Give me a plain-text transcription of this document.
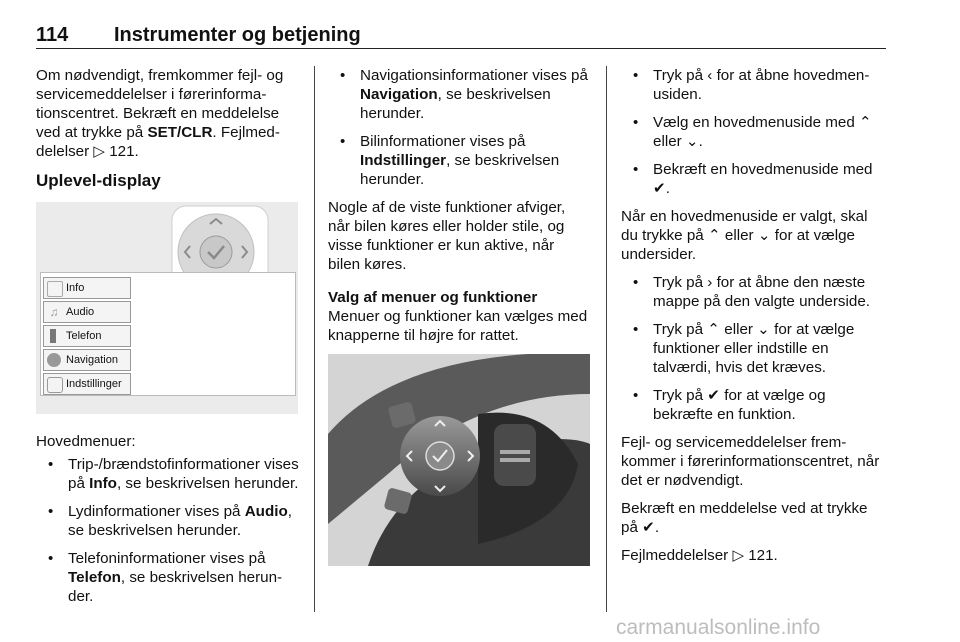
114 Instrumenter og betjening

Om nødvendigt, fremkommer fejl- og servicemeddelelser i førerinforma-tionscentret. Bekræft en meddelelse ved at trykke på SET/CLR. Fejlmed-delelser ▷ 121.

Uplevel-display
Info
♫ Audio
Telefon
Navigation
Indstillinger

Hovedmenuer:

• Trip-/brændstofinformationer vises på Info, se beskrivelsen herunder.
• Lydinformationer vises på Audio, se beskrivelsen herunder.
• Telefoninformationer vises på Telefon, se beskrivelsen herun-der.
• Navigationsinformationer vises på Navigation, se beskrivelsen herunder.
• Bilinformationer vises på Indstillinger, se beskrivelsen herunder.

Nogle af de viste funktioner afviger, når bilen køres eller holder stile, og visse funktioner er kun aktive, når bilen køres.

Valg af menuer og funktioner

Menuer og funktioner kan vælges med knapperne til højre for rattet.

• Tryk på ‹ for at åbne hovedmen-usiden.
• Vælg en hovedmenuside med ⌃ eller ⌄.
• Bekræft en hovedmenuside med ✔.

Når en hovedmenuside er valgt, skal du trykke på ⌃ eller ⌄ for at vælge undersider.

• Tryk på › for at åbne den næste mappe på den valgte underside.
• Tryk på ⌃ eller ⌄ for at vælge funktioner eller indstille en talværdi, hvis det kræves.
• Tryk på ✔ for at vælge og bekræfte en funktion.

Fejl- og servicemeddelelser frem-kommer i førerinformationscentret, når det er nødvendigt.

Bekræft en meddelelse ved at trykke på ✔.

Fejlmeddelelser ▷ 121.

carmanualsonline.info
